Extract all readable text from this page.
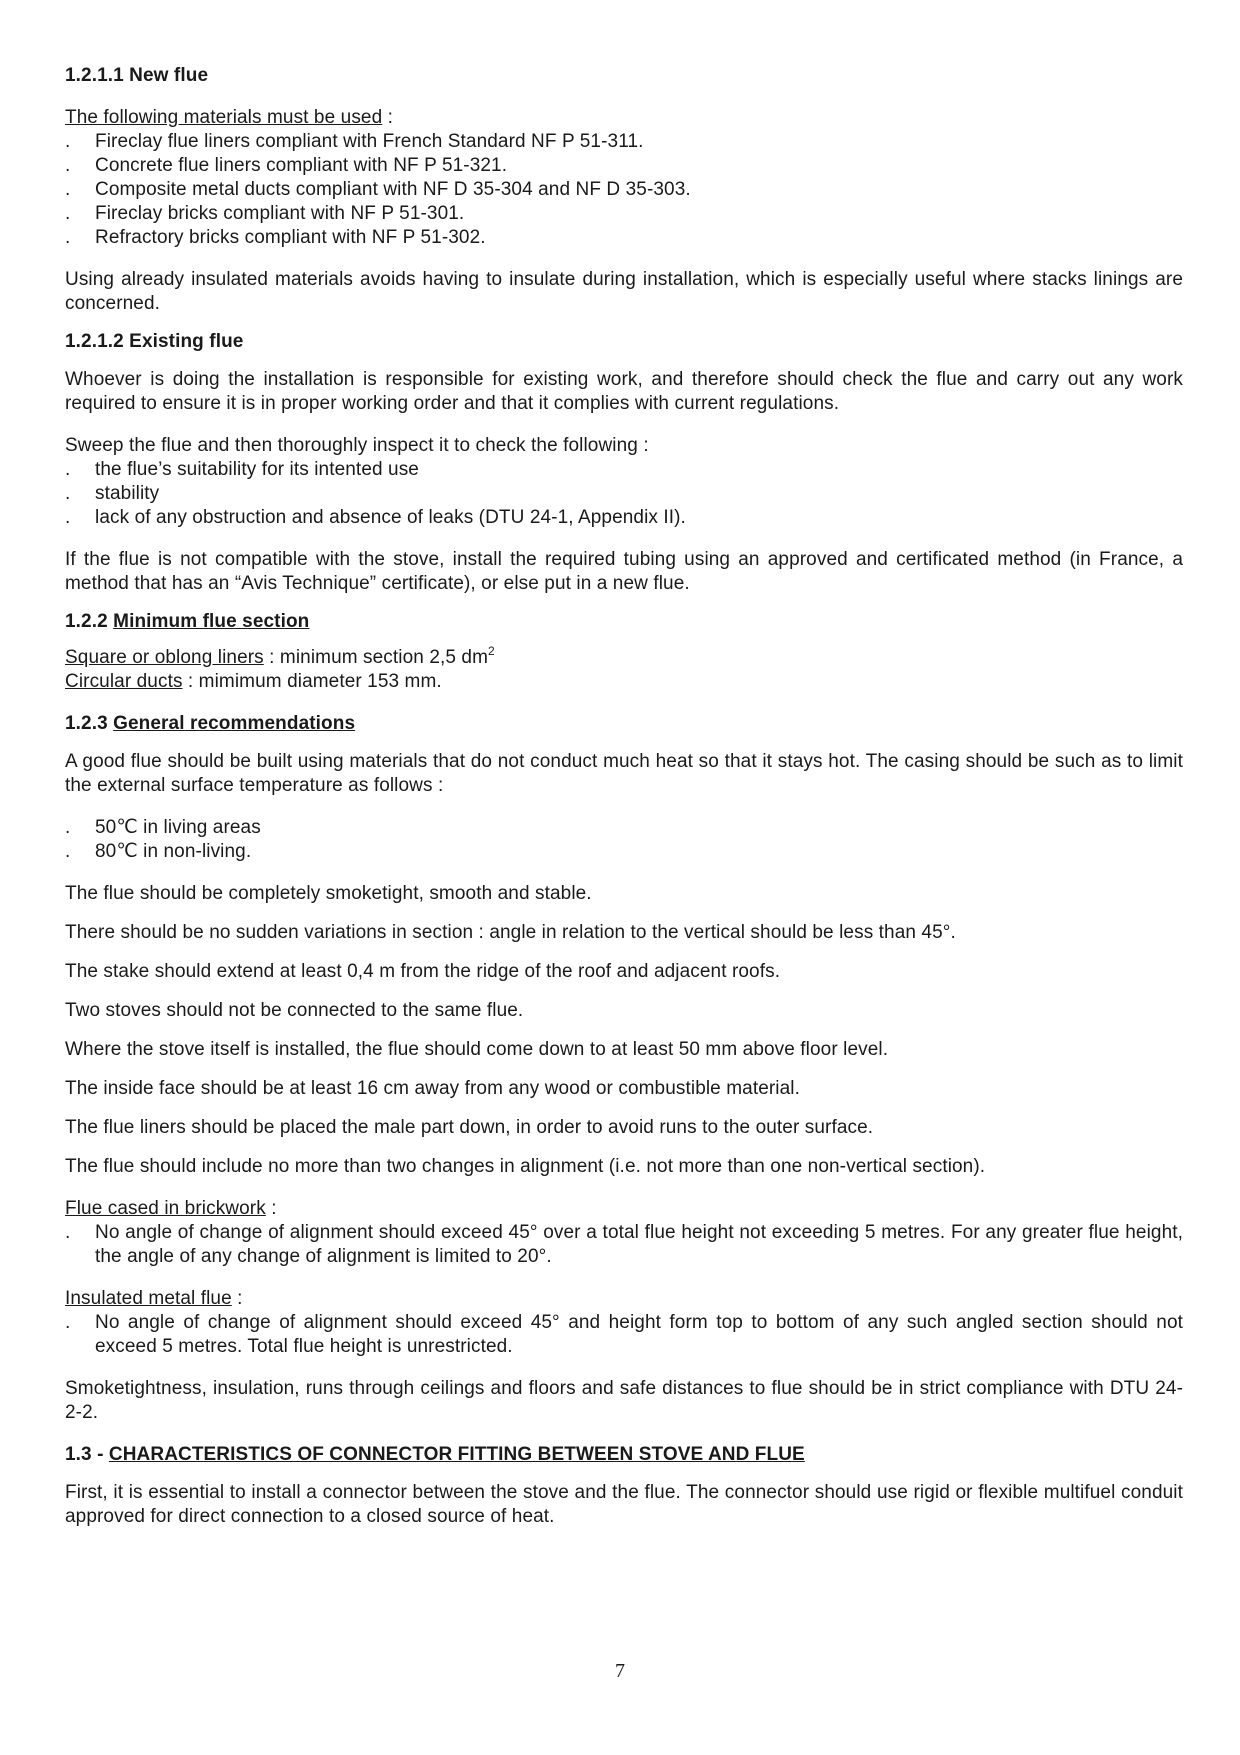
1.2.1.1 New flue

The following materials must be used :

. Fireclay flue liners compliant with French Standard NF P 51-311.
. Concrete flue liners compliant with NF P 51-321.
. Composite metal ducts compliant with NF D 35-304 and NF D 35-303.
. Fireclay bricks compliant with NF P 51-301.
. Refractory bricks compliant with NF P 51-302.

Using already insulated materials avoids having to insulate during installation, which is especially useful where stacks linings are concerned.

1.2.1.2 Existing flue

Whoever is doing the installation is responsible for existing work, and therefore should check the flue and carry out any work required to ensure it is in proper working order and that it complies with current regulations.

Sweep the flue and then thoroughly inspect it to check the following :

. the flue’s suitability for its intented use
. stability
. lack of any obstruction and absence of leaks (DTU 24-1, Appendix II).

If the flue is not compatible with the stove, install the required tubing using an approved and certificated method (in France, a method that has an “Avis Technique” certificate), or else put in a new flue.

1.2.2 Minimum flue section

Square or oblong liners : minimum section 2,5 $dm^2$

Circular ducts : mimimum diameter 153 mm.

1.2.3 General recommendations

A good flue should be built using materials that do not conduct much heat so that it stays hot. The casing should be such as to limit the external surface temperature as follows :

. 50℃ in living areas
. 80℃ in non-living.

The flue should be completely smoketight, smooth and stable.

There should be no sudden variations in section : angle in relation to the vertical should be less than 45°.

The stake should extend at least 0,4 m from the ridge of the roof and adjacent roofs.

Two stoves should not be connected to the same flue.

Where the stove itself is installed, the flue should come down to at least 50 mm above floor level.

The inside face should be at least 16 cm away from any wood or combustible material.

The flue liners should be placed the male part down, in order to avoid runs to the outer surface.

The flue should include no more than two changes in alignment (i.e. not more than one non-vertical section).

Flue cased in brickwork :

. No angle of change of alignment should exceed 45° over a total flue height not exceeding 5 metres. For any greater flue height, the angle of any change of alignment is limited to 20°.

Insulated metal flue :

. No angle of change of alignment should exceed 45° and height form top to bottom of any such angled section should not exceed 5 metres. Total flue height is unrestricted.

Smoketightness, insulation, runs through ceilings and floors and safe distances to flue should be in strict compliance with DTU 24-2-2.

1.3 - CHARACTERISTICS OF CONNECTOR FITTING BETWEEN STOVE AND FLUE

First, it is essential to install a connector between the stove and the flue. The connector should use rigid or flexible multifuel conduit approved for direct connection to a closed source of heat.

7
